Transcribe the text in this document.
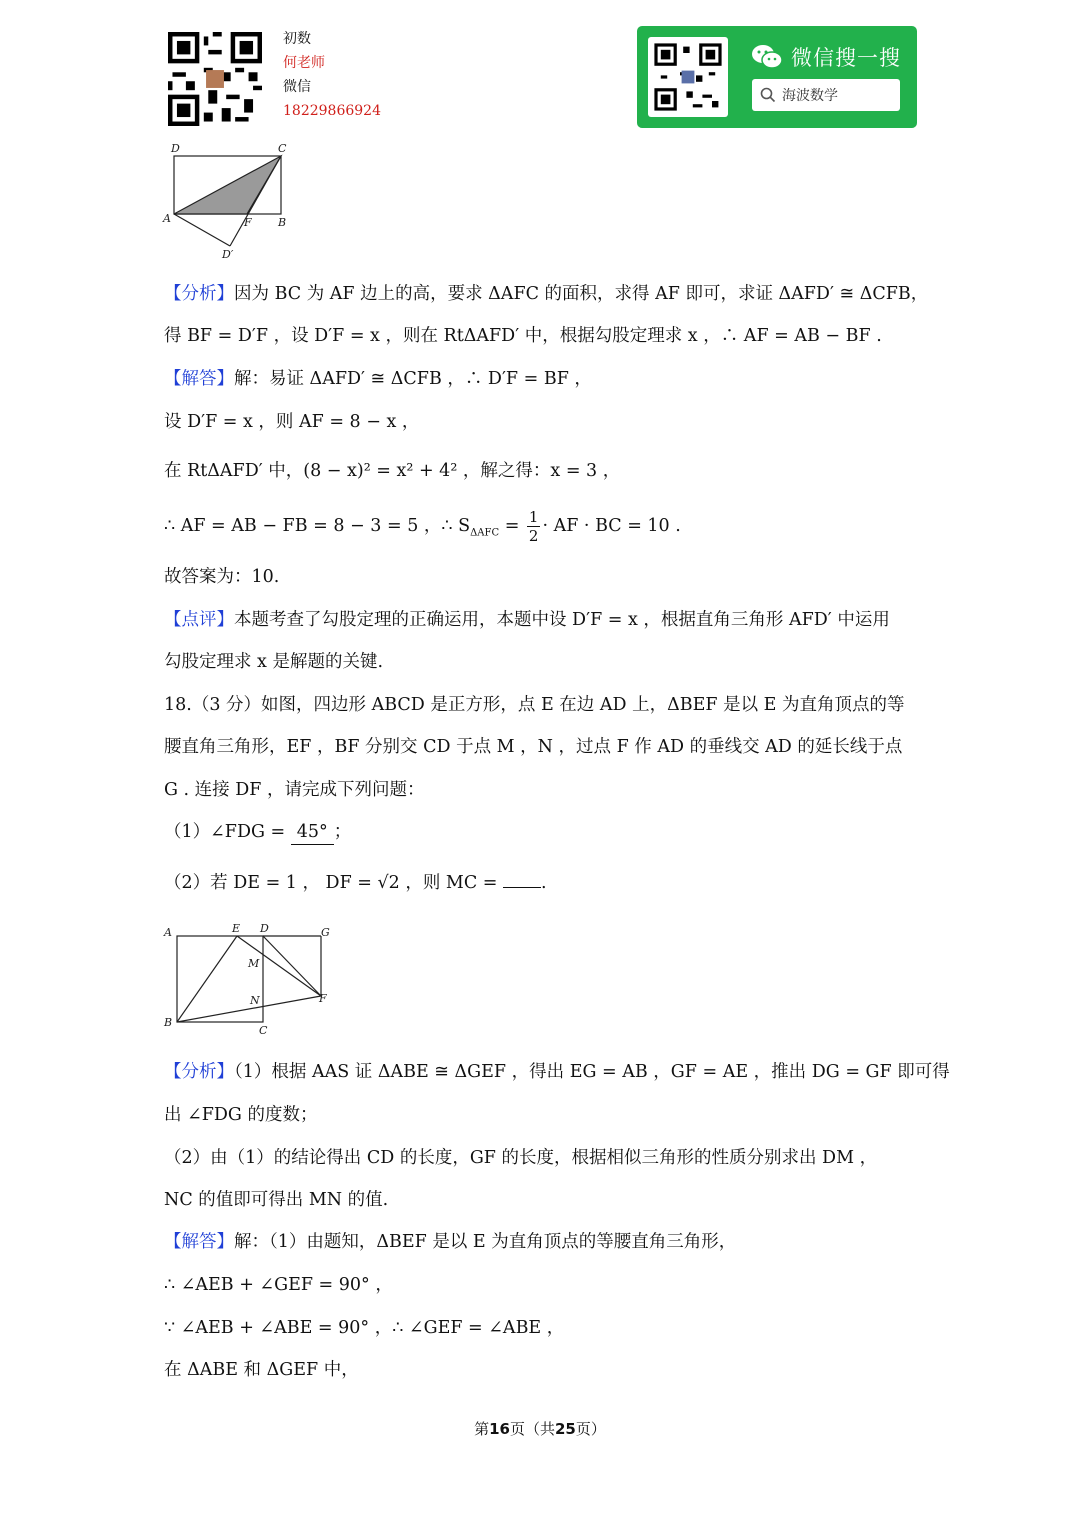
初数
何老师
微信
18229866924
微信搜一搜
海波数学
D	C
A	F B
D′
【分析】因为 BC 为 AF 边上的高，要求 ΔAFC 的面积，求得 AF 即可，求证 ΔAFD′ ≅ ΔCFB，
得 BF = D′F ，设 D′F = x ，则在 RtΔAFD′ 中，根据勾股定理求 x ，∴ AF = AB − BF .
【解答】解：易证 ΔAFD′ ≅ ΔCFB ，∴ D′F = BF ，
设 D′F = x ，则 AF = 8 − x ，
在 RtΔAFD′ 中，(8 − x)² = x² + 4² ，解之得：x = 3 ，
∴ AF = AB − FB = 8 − 3 = 5 ，∴ $S_{\Delta AFC} = \frac{1}{2}$ · AF · BC = 10 .
故答案为：10.
【点评】本题考查了勾股定理的正确运用，本题中设 D′F = x ，根据直角三角形 AFD′ 中运用
勾股定理求 x 是解题的关键.
18.（3 分）如图，四边形 ABCD 是正方形，点 E 在边 AD 上，ΔBEF 是以 E 为直角顶点的等
腰直角三角形，EF ，BF 分别交 CD 于点 M ，N ，过点 F 作 AD 的垂线交 AD 的延长线于点
G . 连接 DF ，请完成下列问题：
（1）∠FDG = 45° ；
（2）若 DE = 1 ， DF = √2 ，则 MC = .
A	E D	G
M
N	F
B
C
【分析】（1）根据 AAS 证 ΔABE ≅ ΔGEF ，得出 EG = AB ，GF = AE ，推出 DG = GF 即可得
出 ∠FDG 的度数；
（2）由（1）的结论得出 CD 的长度，GF 的长度，根据相似三角形的性质分别求出 DM ，
NC 的值即可得出 MN 的值.
【解答】解：（1）由题知，ΔBEF 是以 E 为直角顶点的等腰直角三角形，
∴ ∠AEB + ∠GEF = 90° ，
∵ ∠AEB + ∠ABE = 90° ，∴ ∠GEF = ∠ABE ，
在 ΔABE 和 ΔGEF 中，
第16页（共25页）
